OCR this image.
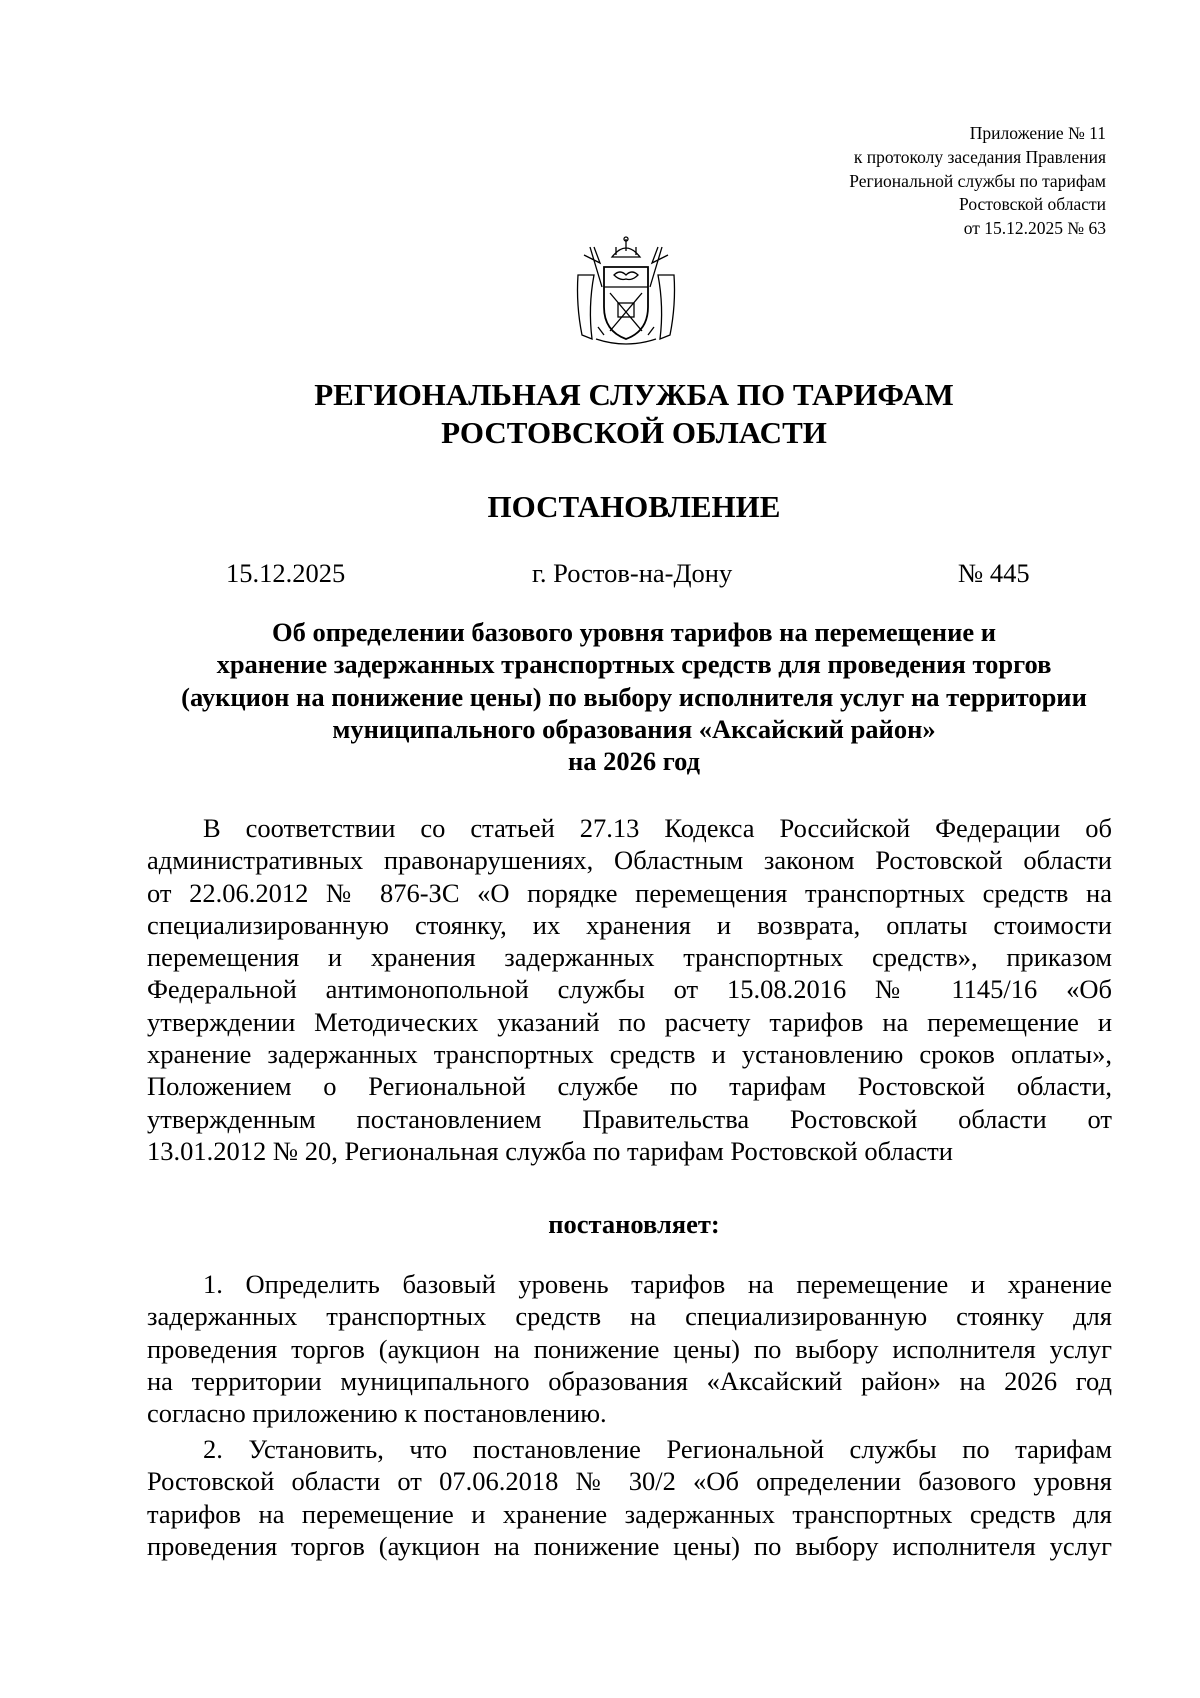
Приложение № 11
к протоколу заседания Правления
Региональной службы по тарифам
Ростовской области
от 15.12.2025 № 63
РЕГИОНАЛЬНАЯ СЛУЖБА ПО ТАРИФАМ
РОСТОВСКОЙ ОБЛАСТИ
ПОСТАНОВЛЕНИЕ
15.12.2025	г. Ростов-на-Дону	№ 445
Об определении базового уровня тарифов на перемещение и
хранение задержанных транспортных средств для проведения торгов
(аукцион на понижение цены) по выбору исполнителя услуг на территории
муниципального образования «Аксайский район»
на 2026 год
В соответствии со статьей 27.13 Кодекса Российской Федерации об
административных правонарушениях, Областным законом Ростовской области
от 22.06.2012 № 876-ЗС «О порядке перемещения транспортных средств на
специализированную стоянку, их хранения и возврата, оплаты стоимости
перемещения и хранения задержанных транспортных средств», приказом
Федеральной антимонопольной службы от 15.08.2016 № 1145/16 «Об
утверждении Методических указаний по расчету тарифов на перемещение и
хранение задержанных транспортных средств и установлению сроков оплаты»,
Положением о Региональной службе по тарифам Ростовской области,
утвержденным постановлением Правительства Ростовской области от
13.01.2012 № 20, Региональная служба по тарифам Ростовской области
постановляет:
1. Определить базовый уровень тарифов на перемещение и хранение
задержанных транспортных средств на специализированную стоянку для
проведения торгов (аукцион на понижение цены) по выбору исполнителя услуг
на территории муниципального образования «Аксайский район» на 2026 год
согласно приложению к постановлению.
2. Установить, что постановление Региональной службы по тарифам
Ростовской области от 07.06.2018 № 30/2 «Об определении базового уровня
тарифов на перемещение и хранение задержанных транспортных средств для
проведения торгов (аукцион на понижение цены) по выбору исполнителя услуг
